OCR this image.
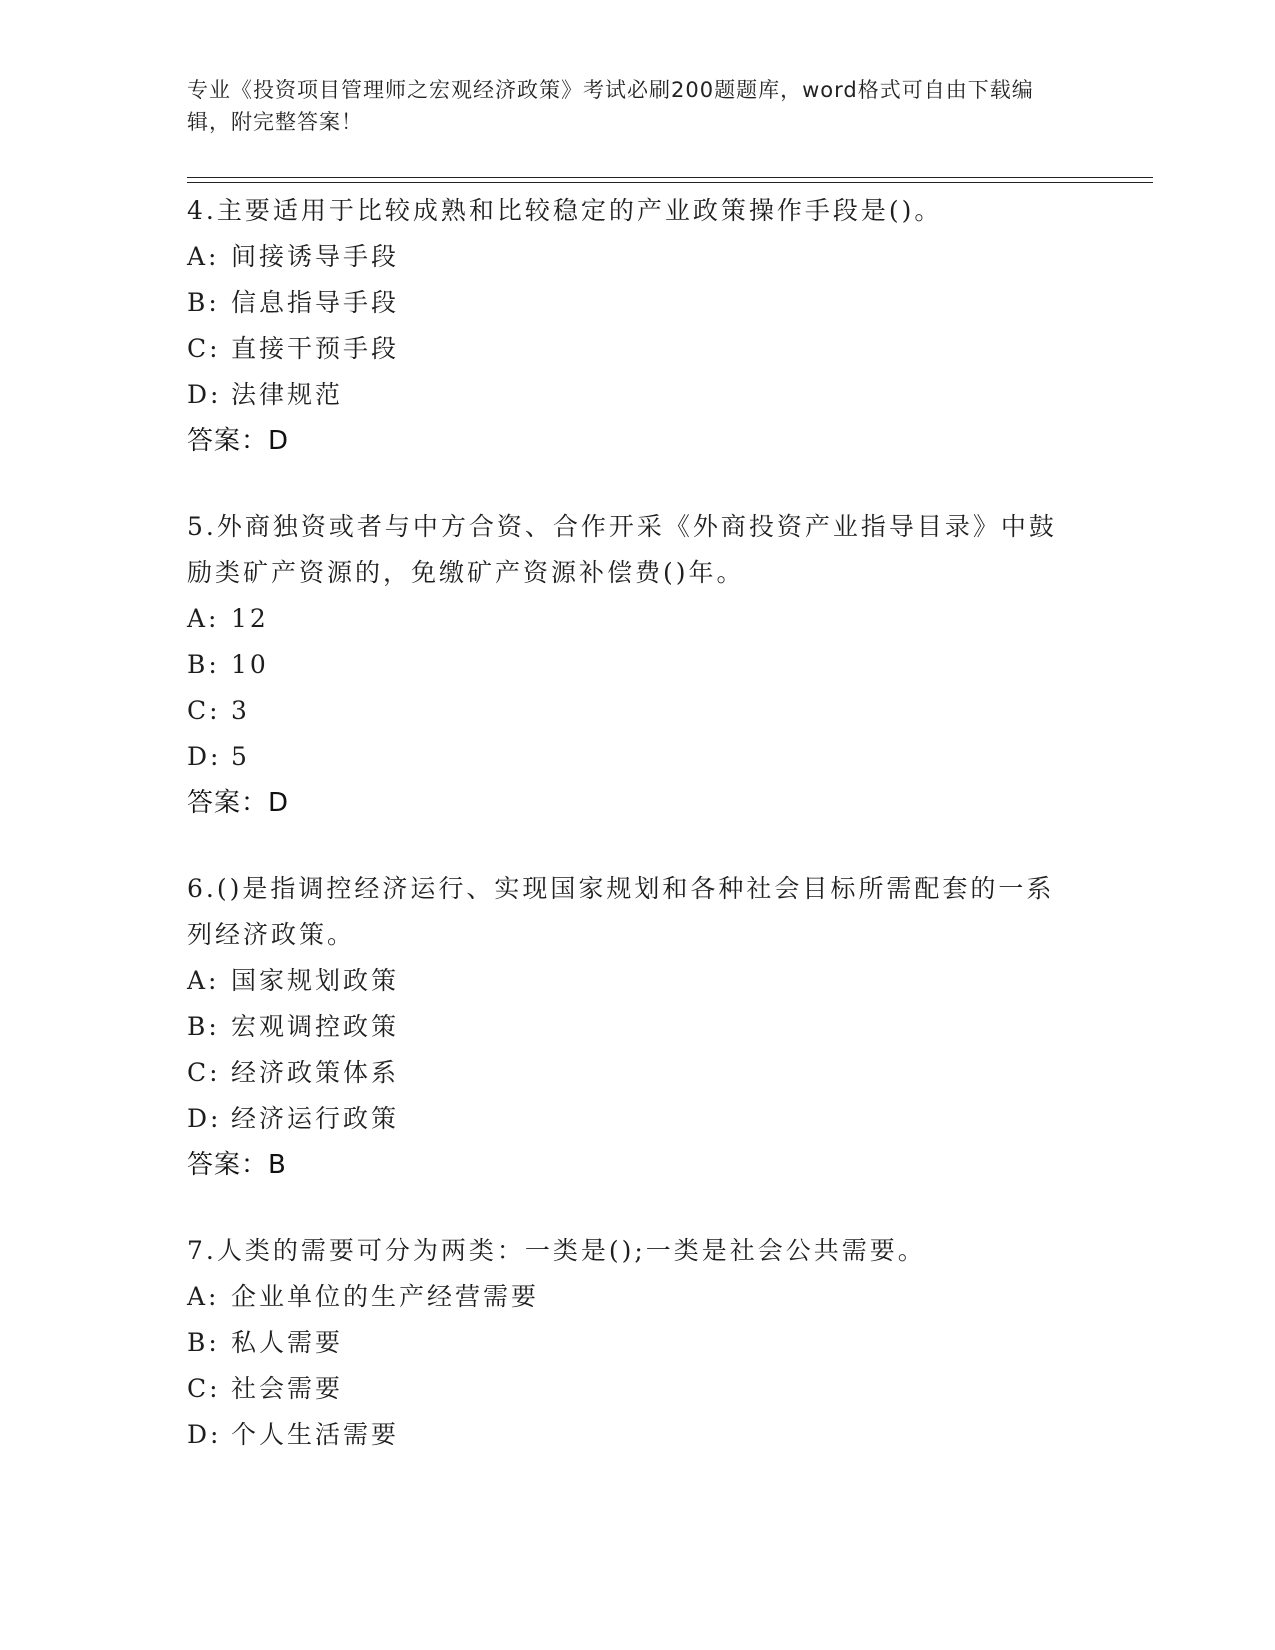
专业《投资项目管理师之宏观经济政策》考试必刷200题题库，word格式可自由下载编辑，附完整答案！

4.主要适用于比较成熟和比较稳定的产业政策操作手段是()。

A: 间接诱导手段

B: 信息指导手段

C: 直接干预手段

D: 法律规范

答案：D

5.外商独资或者与中方合资、合作开采《外商投资产业指导目录》中鼓励类矿产资源的，免缴矿产资源补偿费()年。

A: 12

B: 10

C: 3

D: 5

答案：D

6.()是指调控经济运行、实现国家规划和各种社会目标所需配套的一系列经济政策。

A: 国家规划政策

B: 宏观调控政策

C: 经济政策体系

D: 经济运行政策

答案：B

7.人类的需要可分为两类：一类是();一类是社会公共需要。

A: 企业单位的生产经营需要

B: 私人需要

C: 社会需要

D: 个人生活需要
